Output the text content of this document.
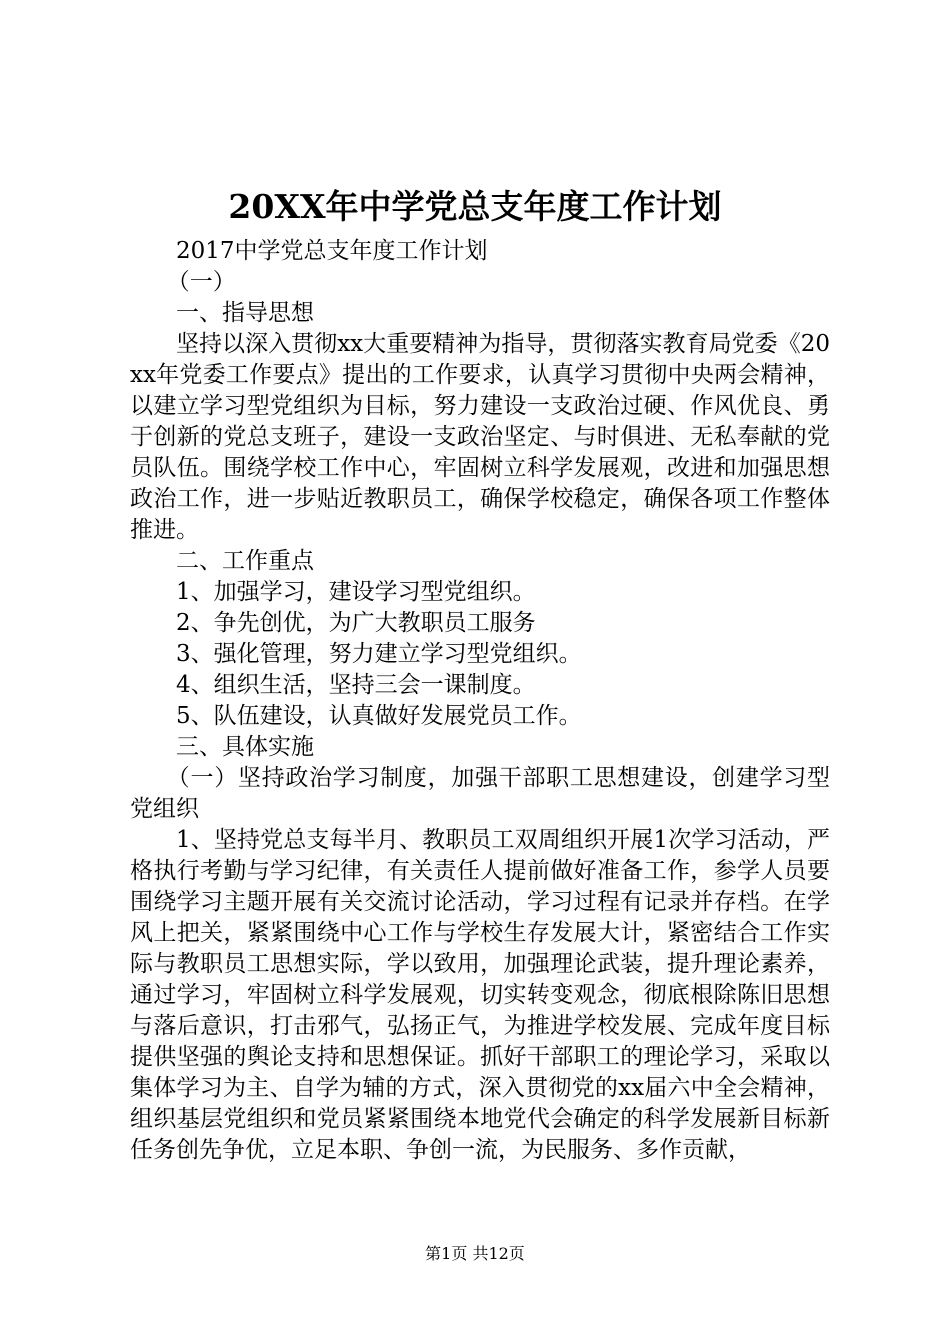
20XX年中学党总支年度工作计划

2017中学党总支年度工作计划

（一）

一、指导思想

坚持以深入贯彻xx大重要精神为指导，贯彻落实教育局党委《20xx年党委工作要点》提出的工作要求，认真学习贯彻中央两会精神，以建立学习型党组织为目标，努力建设一支政治过硬、作风优良、勇于创新的党总支班子，建设一支政治坚定、与时俱进、无私奉献的党员队伍。围绕学校工作中心，牢固树立科学发展观，改进和加强思想政治工作，进一步贴近教职员工，确保学校稳定，确保各项工作整体推进。

二、工作重点

1、加强学习，建设学习型党组织。

2、争先创优，为广大教职员工服务

3、强化管理，努力建立学习型党组织。

4、组织生活，坚持三会一课制度。

5、队伍建设，认真做好发展党员工作。

三、具体实施

（一）坚持政治学习制度，加强干部职工思想建设，创建学习型党组织

1、坚持党总支每半月、教职员工双周组织开展1次学习活动，严格执行考勤与学习纪律，有关责任人提前做好准备工作，参学人员要围绕学习主题开展有关交流讨论活动，学习过程有记录并存档。在学风上把关，紧紧围绕中心工作与学校生存发展大计，紧密结合工作实际与教职员工思想实际，学以致用，加强理论武装，提升理论素养，通过学习，牢固树立科学发展观，切实转变观念，彻底根除陈旧思想与落后意识，打击邪气，弘扬正气，为推进学校发展、完成年度目标提供坚强的舆论支持和思想保证。抓好干部职工的理论学习，采取以集体学习为主、自学为辅的方式，深入贯彻党的xx届六中全会精神，组织基层党组织和党员紧紧围绕本地党代会确定的科学发展新目标新任务创先争优，立足本职、争创一流，为民服务、多作贡献，

第1页 共12页
